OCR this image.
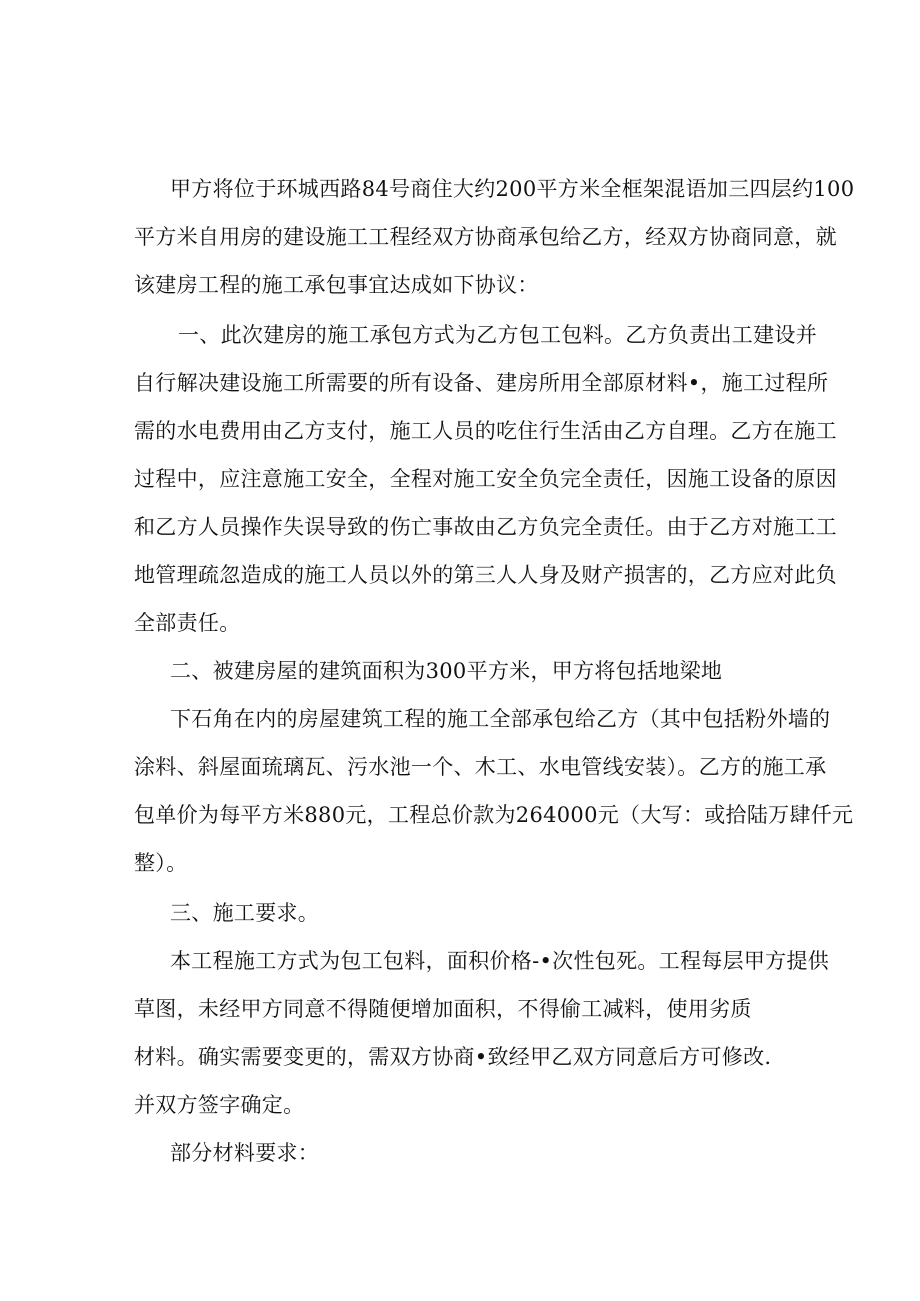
甲方将位于环城西路84号商住大约200平方米全框架混语加三四层约100
平方米自用房的建设施工工程经双方协商承包给乙方，经双方协商同意，就
该建房工程的施工承包事宜达成如下协议：
一、此次建房的施工承包方式为乙方包工包料。乙方负责出工建设并
自行解决建设施工所需要的所有设备、建房所用全部原材料•，施工过程所
需的水电费用由乙方支付，施工人员的吃住行生活由乙方自理。乙方在施工
过程中，应注意施工安全，全程对施工安全负完全责任，因施工设备的原因
和乙方人员操作失误导致的伤亡事故由乙方负完全责任。由于乙方对施工工
地管理疏忽造成的施工人员以外的第三人人身及财产损害的，乙方应对此负
全部责任。
二、被建房屋的建筑面积为300平方米，甲方将包括地梁地
下石角在内的房屋建筑工程的施工全部承包给乙方（其中包括粉外墙的
涂料、斜屋面琉璃瓦、污水池一个、木工、水电管线安装）。乙方的施工承
包单价为每平方米880元，工程总价款为264000元（大写：或拾陆万肆仟元
整）。
三、施工要求。
本工程施工方式为包工包料，面积价格-•次性包死。工程每层甲方提供
草图，未经甲方同意不得随便增加面积，不得偷工减料，使用劣质
材料。确实需要变更的，需双方协商•致经甲乙双方同意后方可修改.
并双方签字确定。
部分材料要求：
